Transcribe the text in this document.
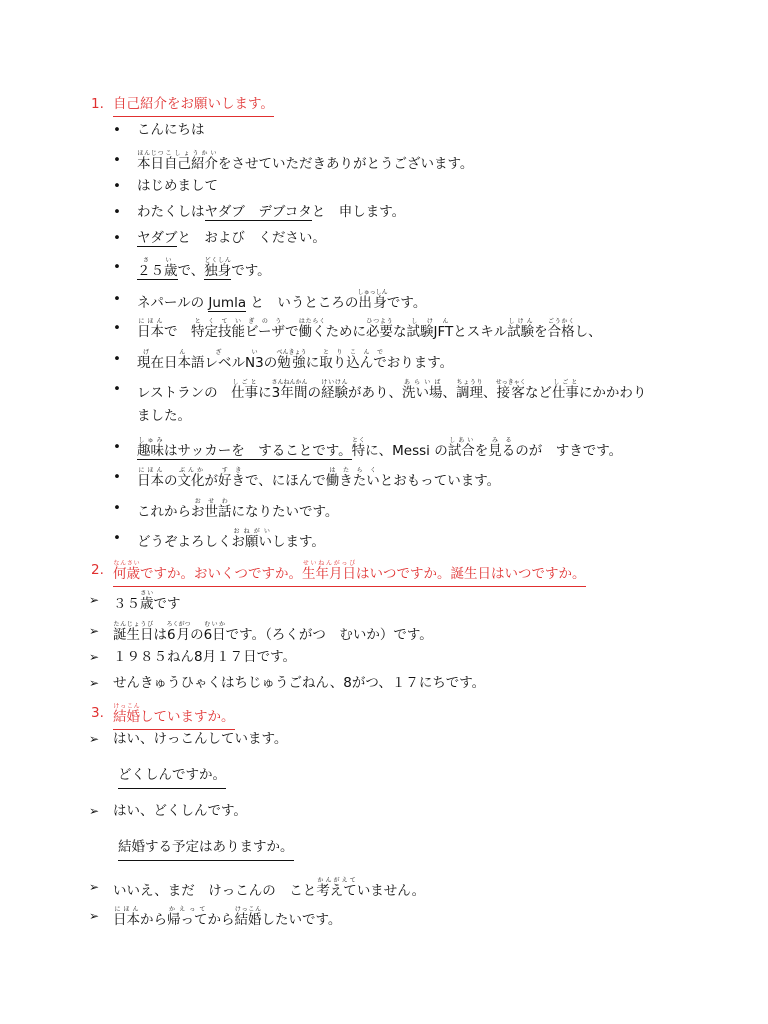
1. 自己紹介をお願いします。
• こんにちは
• 本日ほんじつ自己紹介こしょうかいをさせていただきありがとうございます。
• はじめまして
• わたくしはヤダブ　デブコタと　申します。
• ヤダブと　および　ください。
• ２５歳さいで、独身どくしんです。
• ネパールの Jumla と　いうところの出身しゅっしんです。
• 日本にほんで　特定技能ビーザとくていぎのうで働くはたらくために必要ひつような試験JFTしけんとスキル試験しけんを合格ごうかくし、
• 現在日本語レベルN3げんざいの勉強べんきょうに取り込んでとりこんでおります。
• レストランの　仕事しごとに3年間さんねんかんの経験けいけんがあり、洗い場あらいば、調理ちょうり、接客せっきゃくなど仕事しごとにかかわり
ました。
• 趣味しゅみはサッカーを　することです。特とくに、Messi の試合しあいを見るみるのが　すきです。
• 日本にほんの文化ぶんかが好きすきで、にほんで働きたいはたらくとおもっています。
• これからお世話おせわになりたいです。
• どうぞよろしくお願いおねがいします。
2. 何歳なんさいですか。おいくつですか。生年月日せいねんがっぴはいつですか。誕生日はいつですか。
➢ ３５歳さいです
➢ 誕生日たんじょうびは6月ろくがつの6日むいかです。（ろくがつ　むいか）です。
➢ １９８５ねん8月１７日です。
➢ せんきゅうひゃくはちじゅうごねん、8がつ、１７にちです。
3. 結婚けっこんしていますか。
➢ はい、けっこんしています。
どくしんですか。
➢ はい、どくしんです。
結婚する予定はありますか。
➢ いいえ、まだ　けっこんの　こと考えてかんがえていません。
➢ 日本にほんから帰ってかえってから結婚けっこんしたいです。
